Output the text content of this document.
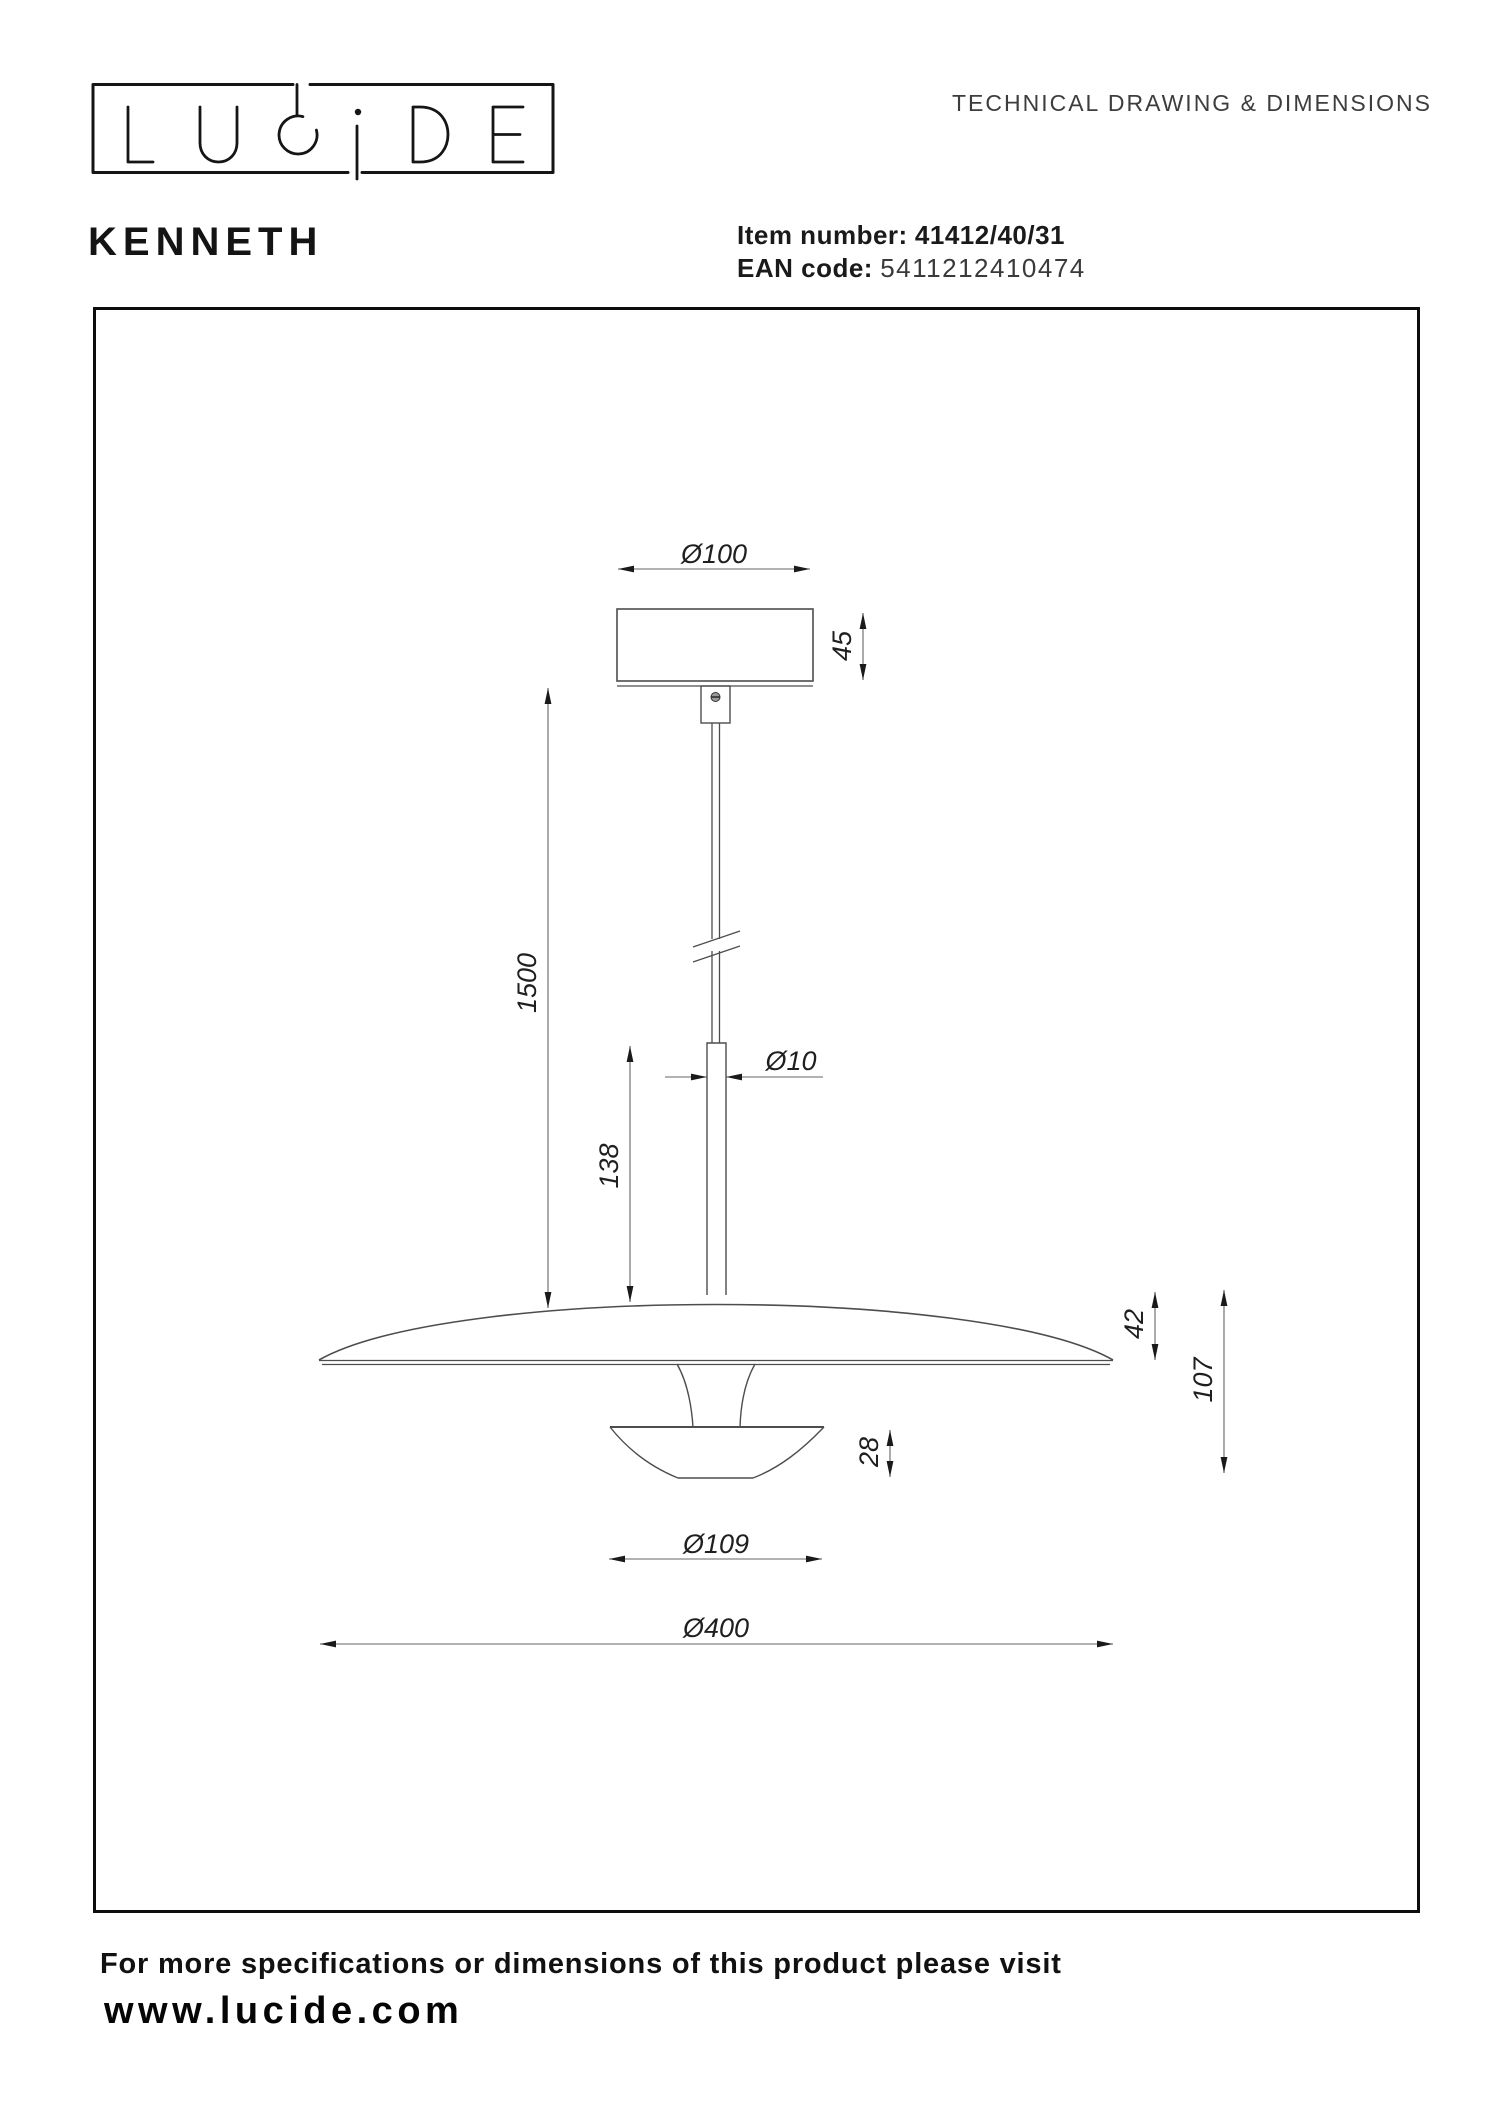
TECHNICAL DRAWING & DIMENSIONS
KENNETH	Item number: 41412/40/31
EAN code: 5411212410474
Ø100
45
1500
138
Ø10
42
107
28
Ø109
Ø400
For more specifications or dimensions of this product please visit
www.lucide.com
